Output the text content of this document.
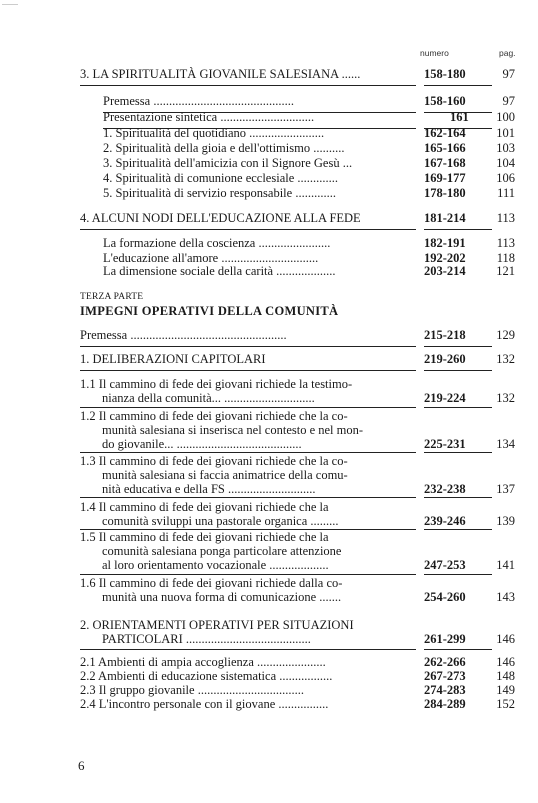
numero	pag.
3. LA SPIRITUALITÀ GIOVANILE SALESIANA ......	158-180	97
Premessa .............................................	158-160	97
Presentazione sintetica ..............................	161	100
1. Spiritualità del quotidiano ........................	162-164	101
2. Spiritualità della gioia e dell'ottimismo ..........	165-166	103
3. Spiritualità dell'amicizia con il Signore Gesù ...	167-168	104
4. Spiritualità di comunione ecclesiale .............	169-177	106
5. Spiritualità di servizio responsabile .............	178-180	111
4. ALCUNI NODI DELL'EDUCAZIONE ALLA FEDE	181-214	113
La formazione della coscienza .......................	182-191	113
L'educazione all'amore ...............................	192-202	118
La dimensione sociale della carità ...................	203-214	121
TERZA PARTE
IMPEGNI OPERATIVI DELLA COMUNITÀ
Premessa ..................................................	215-218	129
1. DELIBERAZIONI CAPITOLARI	219-260	132
1.1 Il cammino di fede dei giovani richiede la testimo-
nianza della comunità... .............................	219-224	132
1.2 Il cammino di fede dei giovani richiede che la co-
munità salesiana si inserisca nel contesto e nel mon-
do giovanile... ........................................	225-231	134
1.3 Il cammino di fede dei giovani richiede che la co-
munità salesiana si faccia animatrice della comu-
nità educativa e della FS ............................	232-238	137
1.4 Il cammino di fede dei giovani richiede che la
comunità sviluppi una pastorale organica .........	239-246	139
1.5 Il cammino di fede dei giovani richiede che la
comunità salesiana ponga particolare attenzione
al loro orientamento vocazionale ...................	247-253	141
1.6 Il cammino di fede dei giovani richiede dalla co-
munità una nuova forma di comunicazione .......	254-260	143
2. ORIENTAMENTI OPERATIVI PER SITUAZIONI
PARTICOLARI ........................................	261-299	146
2.1 Ambienti di ampia accoglienza ......................	262-266	146
2.2 Ambienti di educazione sistematica .................	267-273	148
2.3 Il gruppo giovanile ..................................	274-283	149
2.4 L'incontro personale con il giovane ................	284-289	152
6
